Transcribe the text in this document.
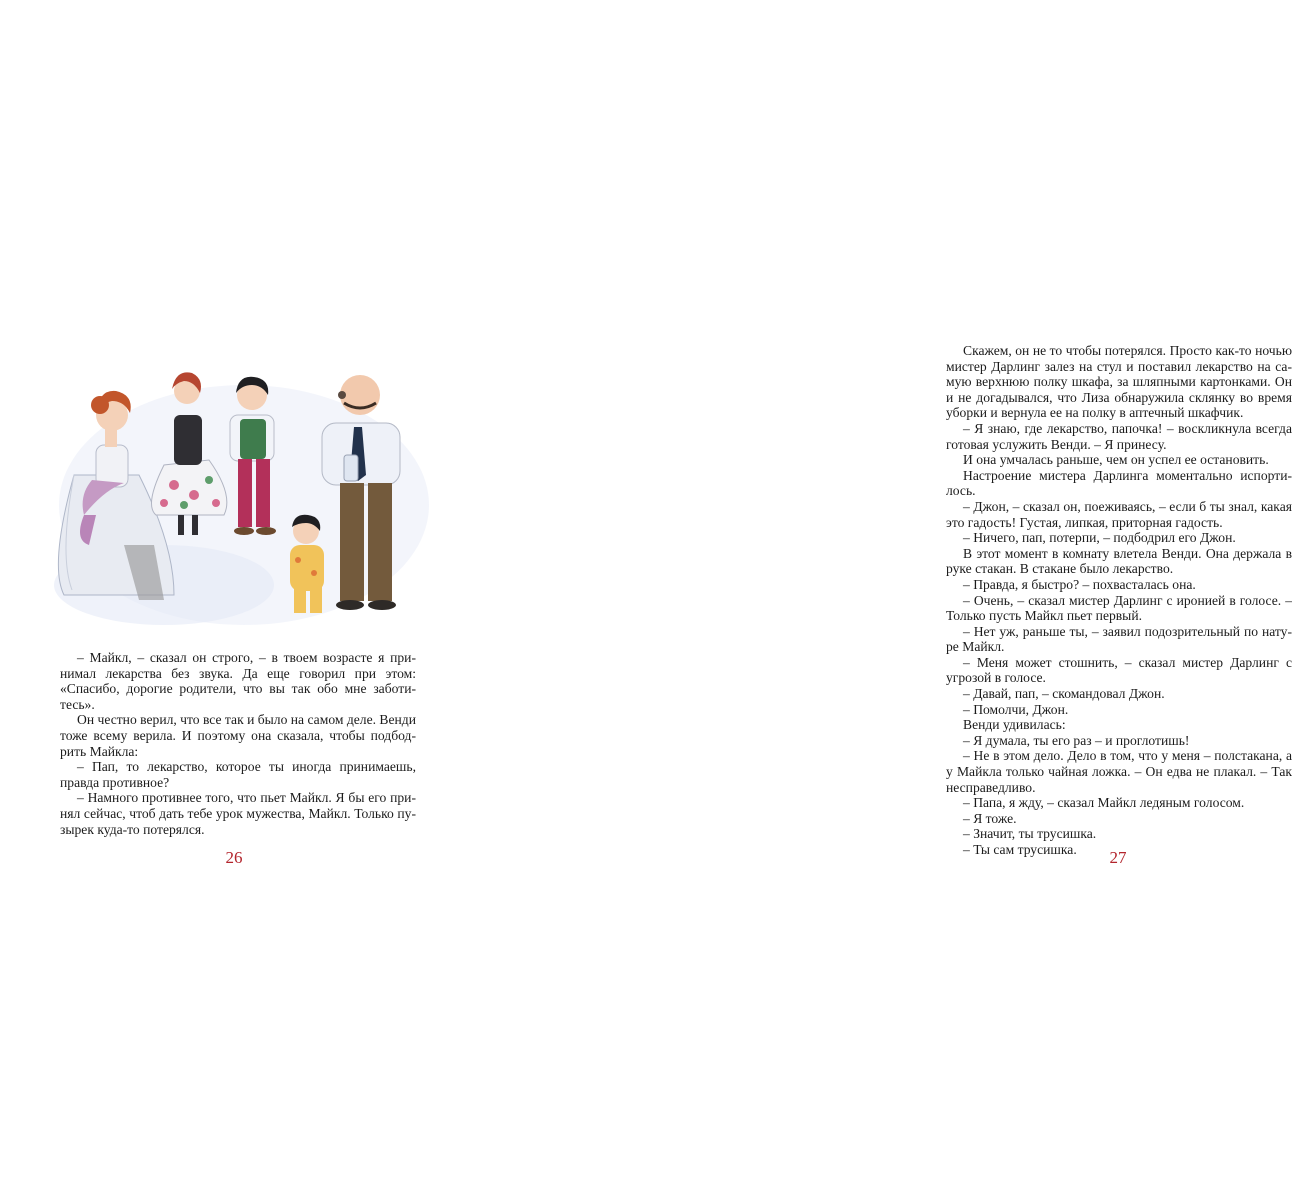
– Майкл, – сказал он строго, – в твоем возрасте я принимал лекарства без звука. Да еще говорил при этом: «Спасибо, дорогие родители, что вы так обо мне заботитесь».

Он честно верил, что все так и было на самом деле. Венди тоже всему верила. И поэтому она сказала, чтобы подбодрить Майкла:

– Пап, то лекарство, которое ты иногда принимаешь, правда противное?

– Намного противнее того, что пьет Майкл. Я бы его принял сейчас, чтоб дать тебе урок мужества, Майкл. Только пузырек куда-то потерялся.

26

Скажем, он не то чтобы потерялся. Просто как-то ночью мистер Дарлинг залез на стул и поставил лекарство на самую верхнюю полку шкафа, за шляпными картонками. Он и не догадывался, что Лиза обнаружила склянку во время уборки и вернула ее на полку в аптечный шкафчик.

– Я знаю, где лекарство, папочка! – воскликнула всегда готовая услужить Венди. – Я принесу.

И она умчалась раньше, чем он успел ее остановить.

Настроение мистера Дарлинга моментально испортилось.

– Джон, – сказал он, поеживаясь, – если б ты знал, какая это гадость! Густая, липкая, приторная гадость.

– Ничего, пап, потерпи, – подбодрил его Джон.

В этот момент в комнату влетела Венди. Она держала в руке стакан. В стакане было лекарство.

– Правда, я быстро? – похвасталась она.

– Очень, – сказал мистер Дарлинг с иронией в голосе. – Только пусть Майкл пьет первый.

– Нет уж, раньше ты, – заявил подозрительный по натуре Майкл.

– Меня может стошнить, – сказал мистер Дарлинг с угрозой в голосе.

– Давай, пап, – скомандовал Джон.

– Помолчи, Джон.

Венди удивилась:

– Я думала, ты его раз – и проглотишь!

– Не в этом дело. Дело в том, что у меня – полстакана, а у Майкла только чайная ложка. – Он едва не плакал. – Так несправедливо.

– Папа, я жду, – сказал Майкл ледяным голосом.

– Я тоже.

– Значит, ты трусишка.

– Ты сам трусишка.	27
